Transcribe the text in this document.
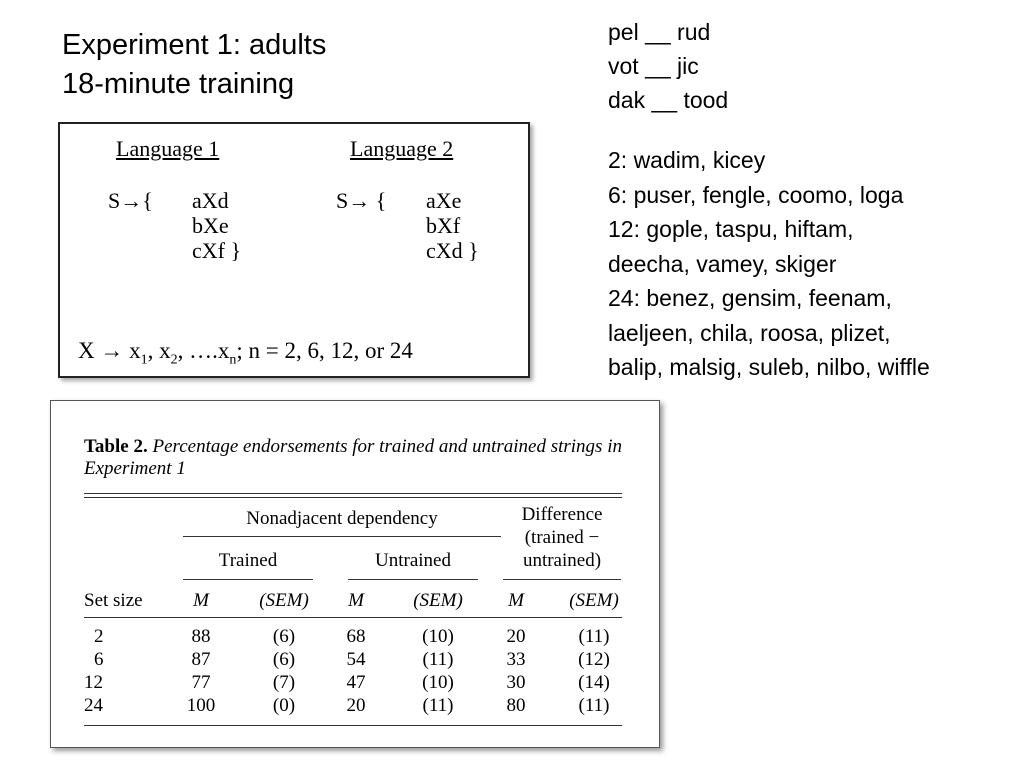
Experiment 1: adults
18-minute training
pel __ rud
vot __ jic
dak __ tood
2: wadim, kicey
6: puser, fengle, coomo, loga
12: gople, taspu, hiftam,
deecha, vamey, skiger
24: benez, gensim, feenam,
laeljeen, chila, roosa, plizet,
balip, malsig, suleb, nilbo, wiffle
Language 1	Language 2
S→{ aXd
bXe
cXf }
S→ { aXe
bXf
cXd }
$X \to x_1$, $x_2$, $\dots.x_n$; n = 2, 6, 12, or 24
Table 2. Percentage endorsements for trained and untrained strings in Experiment 1
Nonadjacent dependency	Difference
(trained −
untrained)
Trained	Untrained
Set size	M	(SEM)	M	(SEM)	M	(SEM)
2	88	(6)	68	(10)	20	(11)
6	87	(6)	54	(11)	33	(12)
12	77	(7)	47	(10)	30	(14)
24	100	(0)	20	(11)	80	(11)
